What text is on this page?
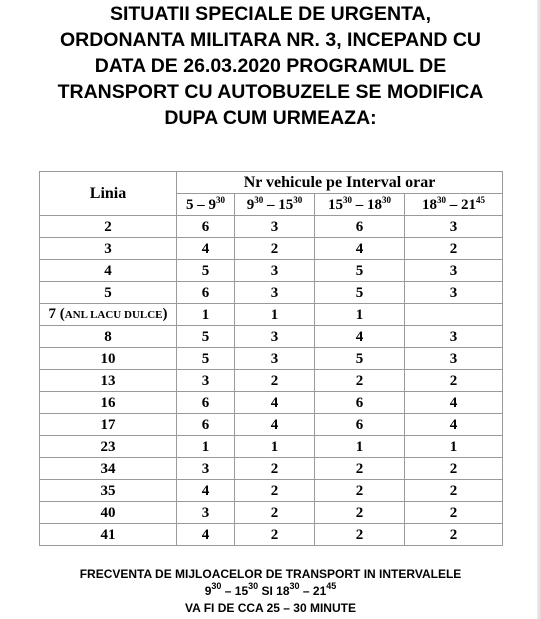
SITUATII SPECIALE DE URGENTA,
ORDONANTA MILITARA NR. 3, INCEPAND CU
DATA DE 26.03.2020 PROGRAMUL DE
TRANSPORT CU AUTOBUZELE SE MODIFICA
DUPA CUM URMEAZA:
Linia	Nr vehicule pe Interval orar			
	$5 - 9^{30}$	$9^{30} - 15^{30}$	$15^{30} - 18^{30}$	$18^{30} - 21^{45}$
2	6	3	6	3
3	4	2	4	2
4	5	3	5	3
5	6	3	5	3
7 (ANL LACU DULCE)	1	1	1	
8	5	3	4	3
10	5	3	5	3
13	3	2	2	2
16	6	4	6	4
17	6	4	6	4
23	1	1	1	1
34	3	2	2	2
35	4	2	2	2
40	3	2	2	2
41	4	2	2	2
FRECVENTA DE MIJLOACELOR DE TRANSPORT IN INTERVALELE
$9^{30} - 15^{30}$ SI $18^{30} - 21^{45}$
VA FI DE CCA 25 – 30 MINUTE
